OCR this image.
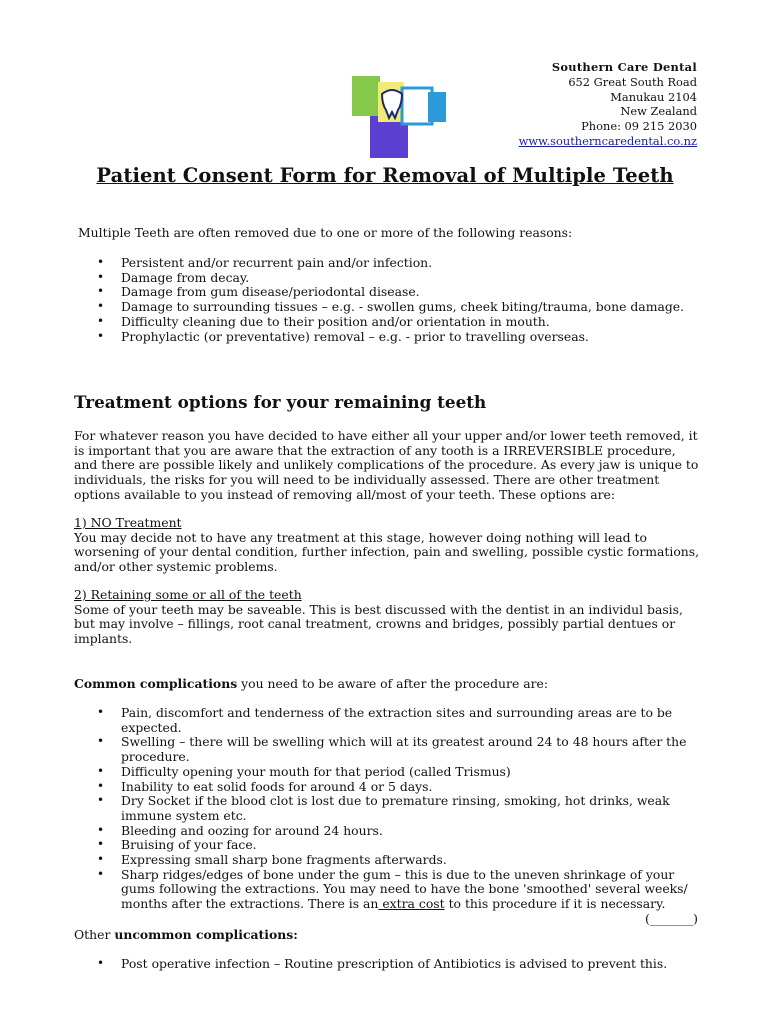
Southern Care Dental
652 Great South Road
Manukau 2104
New Zealand
Phone: 09 215 2030
www.southerncaredental.co.nz
Patient Consent Form for Removal of Multiple Teeth
Multiple Teeth are often removed due to one or more of the following reasons:
• Persistent and/or recurrent pain and/or infection.
• Damage from decay.
• Damage from gum disease/periodontal disease.
• Damage to surrounding tissues – e.g. - swollen gums, cheek biting/trauma, bone damage.
• Difficulty cleaning due to their position and/or orientation in mouth.
• Prophylactic (or preventative) removal – e.g. - prior to travelling overseas.
Treatment options for your remaining teeth

For whatever reason you have decided to have either all your upper and/or lower teeth removed, it

is important that you are aware that the extraction of any tooth is a IRREVERSIBLE procedure,

and there are possible likely and unlikely complications of the procedure. As every jaw is unique to

individuals, the risks for you will need to be individually assessed. There are other treatment

options available to you instead of removing all/most of your teeth. These options are:

1) NO Treatment

You may decide not to have any treatment at this stage, however doing nothing will lead to

worsening of your dental condition, further infection, pain and swelling, possible cystic formations,

and/or other systemic problems.

2) Retaining some or all of the teeth

Some of your teeth may be saveable. This is best discussed with the dentist in an individul basis,

but may involve – fillings, root canal treatment, crowns and bridges, possibly partial dentues or

implants.

Common complications you need to be aware of after the procedure are:
• Pain, discomfort and tenderness of the extraction sites and surrounding areas are to be
expected.
• Swelling – there will be swelling which will at its greatest around 24 to 48 hours after the
procedure.
• Difficulty opening your mouth for that period (called Trismus)
• Inability to eat solid foods for around 4 or 5 days.
• Dry Socket if the blood clot is lost due to premature rinsing, smoking, hot drinks, weak
immune system etc.
• Bleeding and oozing for around 24 hours.
• Bruising of your face.
• Expressing small sharp bone fragments afterwards.
• Sharp ridges/edges of bone under the gum – this is due to the uneven shrinkage of your
gums following the extractions. You may need to have the bone 'smoothed' several weeks/
months after the extractions. There is an extra cost to this procedure if it is necessary.
(_______)
Other uncommon complications:
• Post operative infection – Routine prescription of Antibiotics is advised to prevent this.
